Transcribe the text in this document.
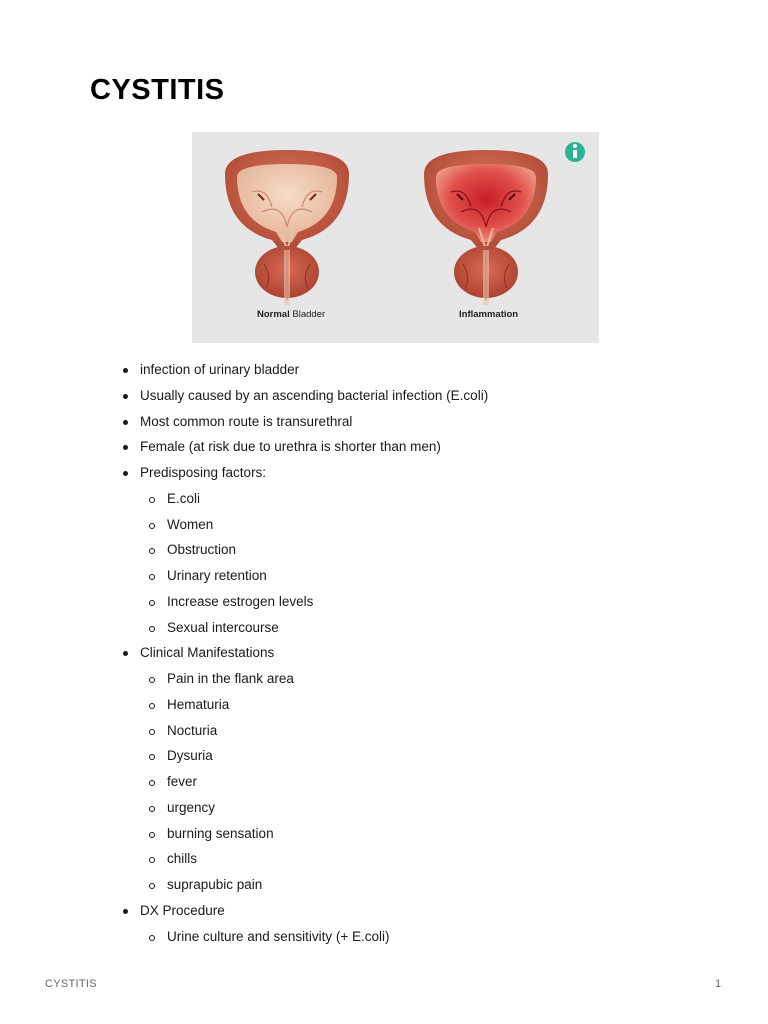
CYSTITIS
Normal Bladder	Inflammation
infection of urinary bladder
Usually caused by an ascending bacterial infection (E.coli)
Most common route is transurethral
Female (at risk due to urethra is shorter than men)
Predisposing factors:
E.coli
Women
Obstruction
Urinary retention
Increase estrogen levels
Sexual intercourse
Clinical Manifestations
Pain in the flank area
Hematuria
Nocturia
Dysuria
fever
urgency
burning sensation
chills
suprapubic pain
DX Procedure
Urine culture and sensitivity (+ E.coli)
CYSTITIS	1
